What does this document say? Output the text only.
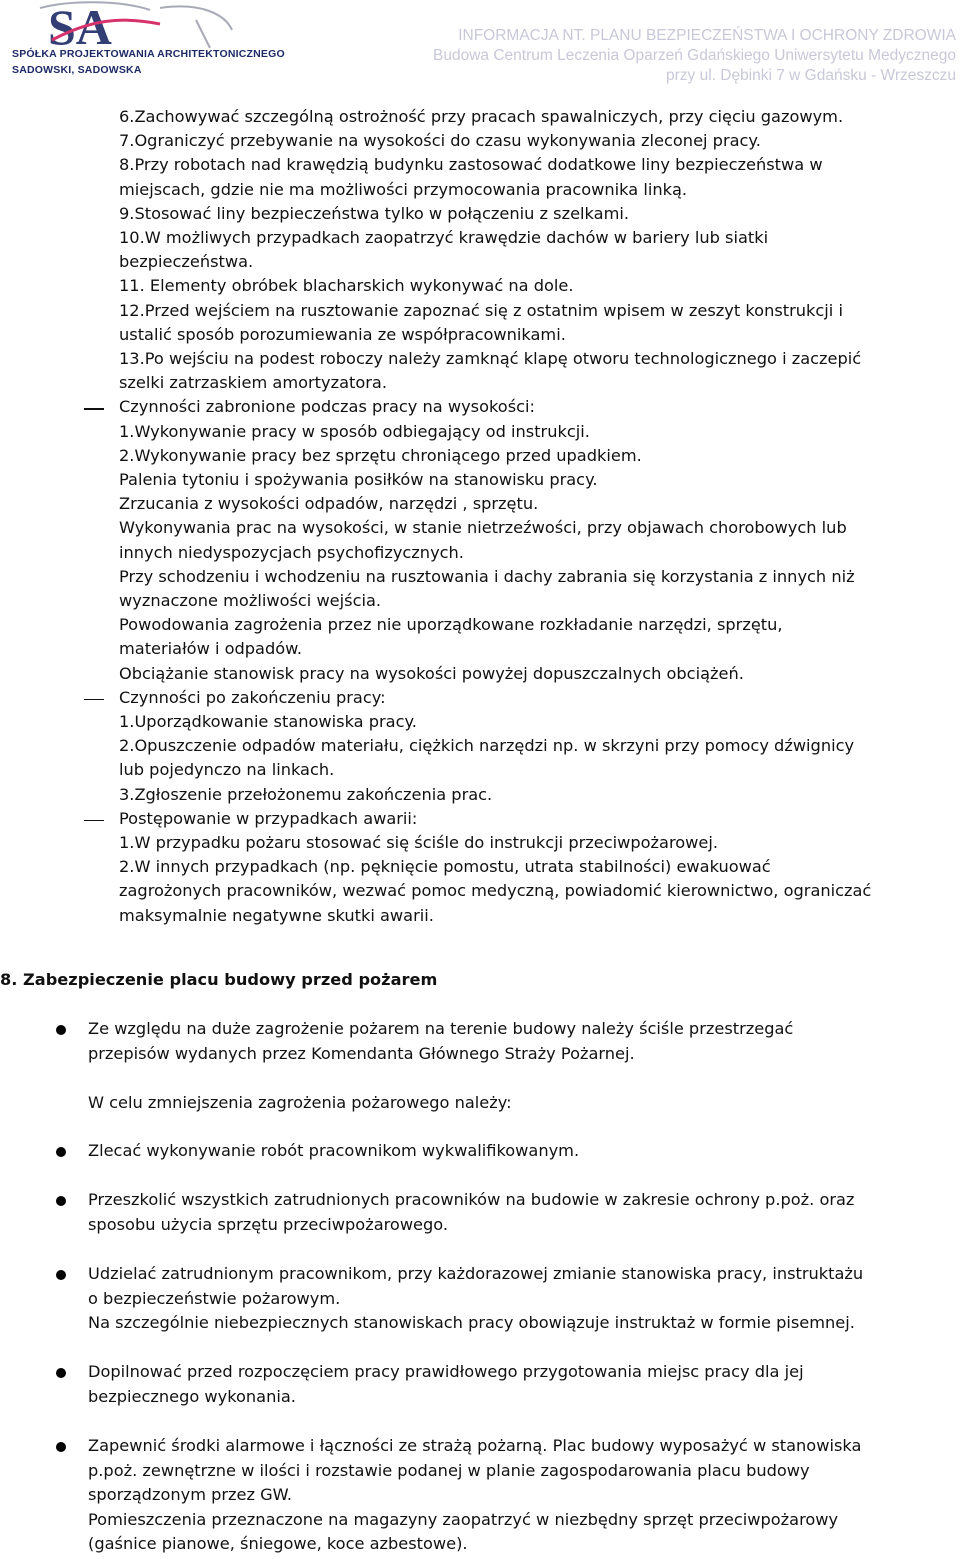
SA
SPÓŁKA PROJEKTOWANIA ARCHITEKTONICZNEGO
SADOWSKI, SADOWSKA
INFORMACJA NT. PLANU BEZPIECZEŃSTWA I OCHRONY ZDROWIA
Budowa Centrum Leczenia Oparzeń Gdańskiego Uniwersytetu Medycznego
przy ul. Dębinki 7 w Gdańsku - Wrzeszczu
6.Zachowywać szczególną ostrożność przy pracach spawalniczych, przy cięciu gazowym.
7.Ograniczyć przebywanie na wysokości do czasu wykonywania zleconej pracy.
8.Przy robotach nad krawędzią budynku zastosować dodatkowe liny bezpieczeństwa w
miejscach, gdzie nie ma możliwości przymocowania pracownika linką.
9.Stosować liny bezpieczeństwa tylko w połączeniu z szelkami.
10.W możliwych przypadkach zaopatrzyć krawędzie dachów w bariery lub siatki
bezpieczeństwa.
11. Elementy obróbek blacharskich wykonywać na dole.
12.Przed wejściem na rusztowanie zapoznać się z ostatnim wpisem w zeszyt konstrukcji i
ustalić sposób porozumiewania ze współpracownikami.
13.Po wejściu na podest roboczy należy zamknąć klapę otworu technologicznego i zaczepić
szelki zatrzaskiem amortyzatora.
Czynności zabronione podczas pracy na wysokości:
1.Wykonywanie pracy w sposób odbiegający od instrukcji.
2.Wykonywanie pracy bez sprzętu chroniącego przed upadkiem.
Palenia tytoniu i spożywania posiłków na stanowisku pracy.
Zrzucania z wysokości odpadów, narzędzi , sprzętu.
Wykonywania prac na wysokości, w stanie nietrzeźwości, przy objawach chorobowych lub
innych niedyspozycjach psychofizycznych.
Przy schodzeniu i wchodzeniu na rusztowania i dachy zabrania się korzystania z innych niż
wyznaczone możliwości wejścia.
Powodowania zagrożenia przez nie uporządkowane rozkładanie narzędzi, sprzętu,
materiałów i odpadów.
Obciążanie stanowisk pracy na wysokości powyżej dopuszczalnych obciążeń.
Czynności po zakończeniu pracy:
1.Uporządkowanie stanowiska pracy.
2.Opuszczenie odpadów materiału, ciężkich narzędzi np. w skrzyni przy pomocy dźwignicy
lub pojedynczo na linkach.
3.Zgłoszenie przełożonemu zakończenia prac.
Postępowanie w przypadkach awarii:
1.W przypadku pożaru stosować się ściśle do instrukcji przeciwpożarowej.
2.W innych przypadkach (np. pęknięcie pomostu, utrata stabilności) ewakuować
zagrożonych pracowników, wezwać pomoc medyczną, powiadomić kierownictwo, ograniczać
maksymalnie negatywne skutki awarii.
8. Zabezpieczenie placu budowy przed pożarem
Ze względu na duże zagrożenie pożarem na terenie budowy należy ściśle przestrzegać
przepisów wydanych przez Komendanta Głównego Straży Pożarnej.
Zlecać wykonywanie robót pracownikom wykwalifikowanym.
Przeszkolić wszystkich zatrudnionych pracowników na budowie w zakresie ochrony p.poż. oraz
sposobu użycia sprzętu przeciwpożarowego.
Udzielać zatrudnionym pracownikom, przy każdorazowej zmianie stanowiska pracy, instruktażu
o bezpieczeństwie pożarowym.
Na szczególnie niebezpiecznych stanowiskach pracy obowiązuje instruktaż w formie pisemnej.
Dopilnować przed rozpoczęciem pracy prawidłowego przygotowania miejsc pracy dla jej
bezpiecznego wykonania.
Zapewnić środki alarmowe i łączności ze strażą pożarną. Plac budowy wyposażyć w stanowiska
p.poż. zewnętrzne w ilości i rozstawie podanej w planie zagospodarowania placu budowy
sporządzonym przez GW.
Pomieszczenia przeznaczone na magazyny zaopatrzyć w niezbędny sprzęt przeciwpożarowy
(gaśnice pianowe, śniegowe, koce azbestowe).
W celu zmniejszenia zagrożenia pożarowego należy:
